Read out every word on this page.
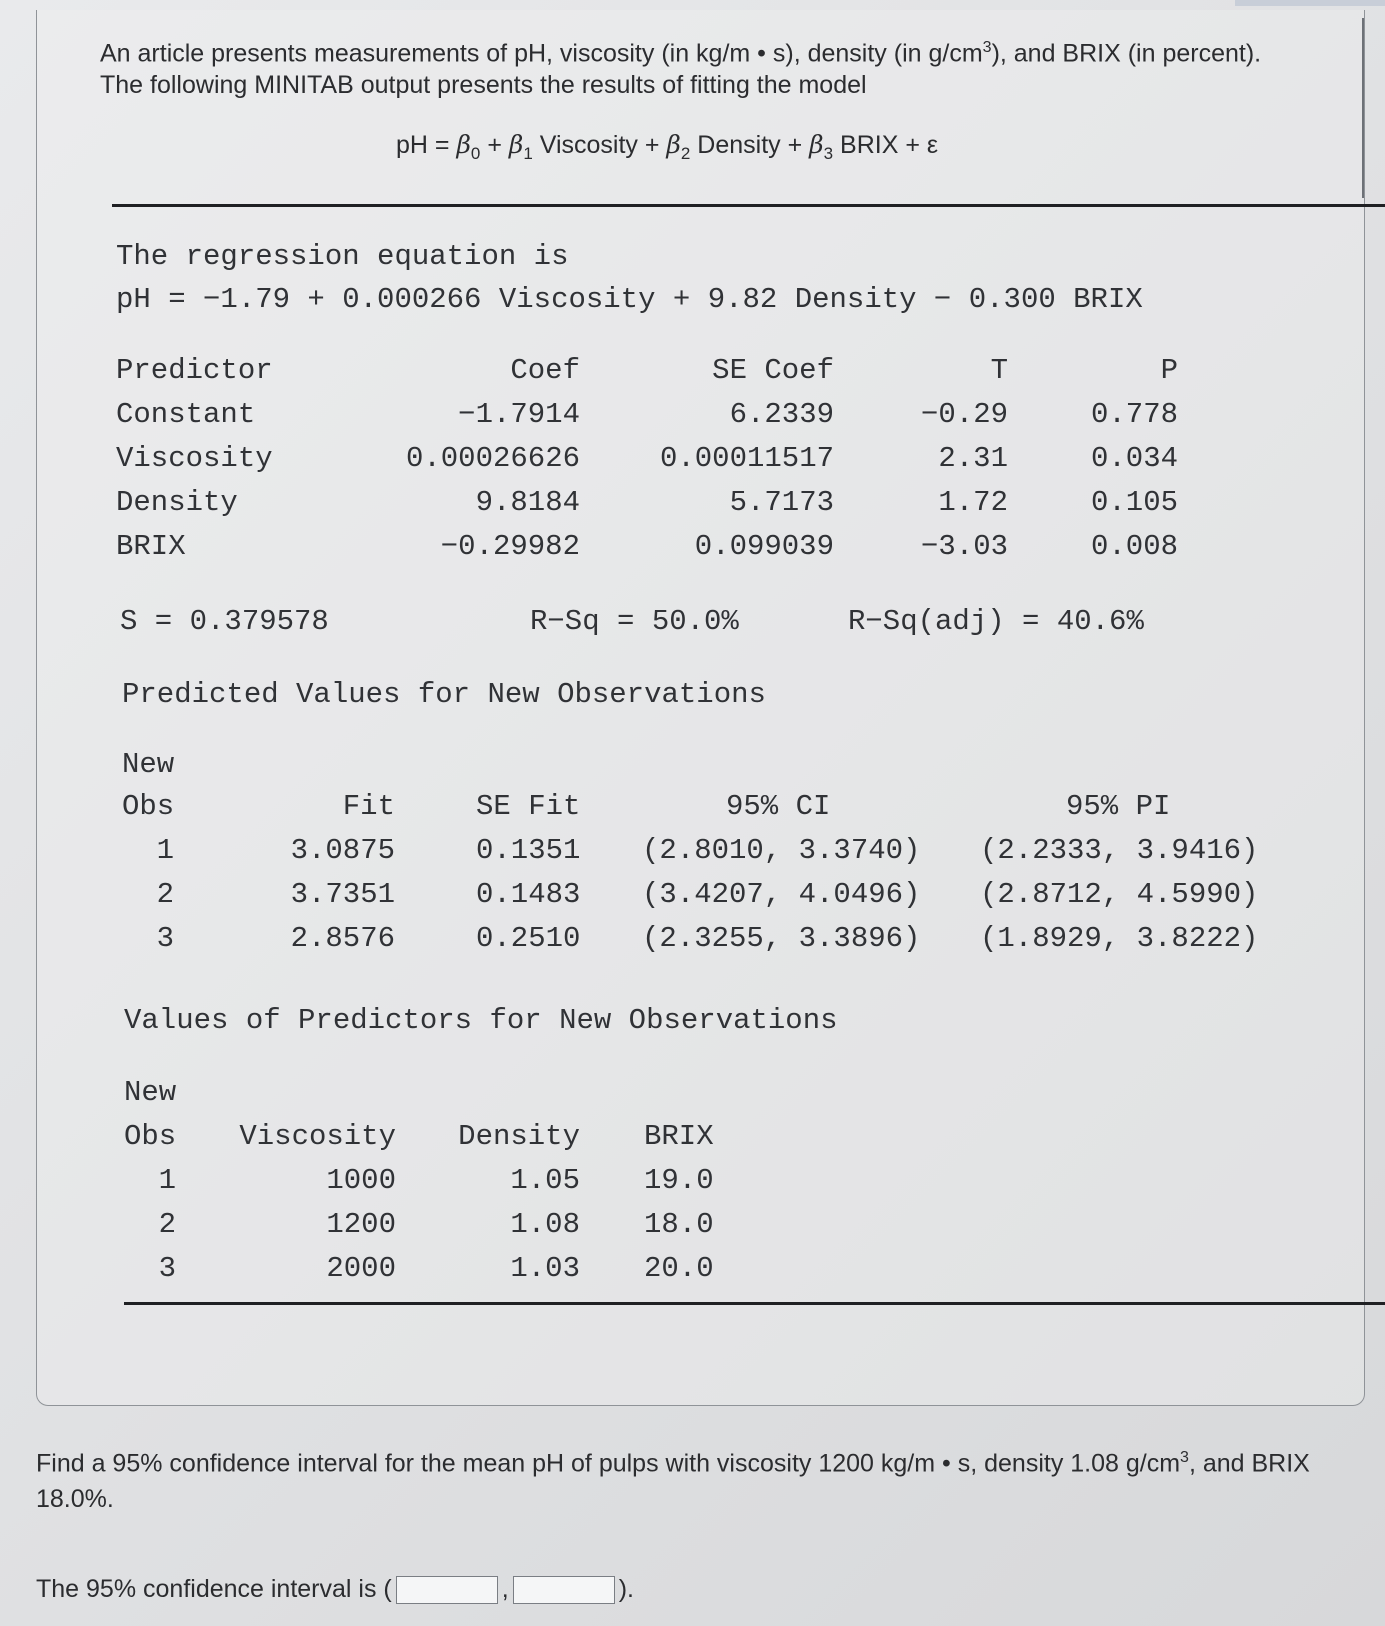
An article presents measurements of pH, viscosity (in kg/m • s), density (in $g/cm^3$), and BRIX (in percent). The following MINITAB output presents the results of fitting the model
pH = $\beta_0 + \beta_1$ Viscosity + $\beta_2$ Density + $\beta_3$ BRIX + ε
The regression equation is
pH = −1.79 + 0.000266 Viscosity + 9.82 Density − 0.300 BRIX
Predictor	Coef	SE Coef	T	P
Constant	−1.7914	6.2339	−0.29	0.778
Viscosity	0.00026626	0.00011517	2.31	0.034
Density	9.8184	5.7173	1.72	0.105
BRIX	−0.29982	0.099039	−3.03	0.008
S = 0.379578	R−Sq = 50.0%	R−Sq(adj) = 40.6%
Predicted Values for New Observations
New
Obs	Fit	SE Fit	95% CI	95% PI
1	3.0875	0.1351 (2.8010, 3.3740) (2.2333, 3.9416)
2	3.7351	0.1483 (3.4207, 4.0496) (2.8712, 4.5990)
3	2.8576	0.2510 (2.3255, 3.3896) (1.8929, 3.8222)
Values of Predictors for New Observations
New
Obs	Viscosity	Density BRIX
1	1000	1.05 19.0
2	1200	1.08 18.0
3	2000	1.03 20.0
Find a 95% confidence interval for the mean pH of pulps with viscosity 1200 kg/m • s, density 1.08 $g/cm^3$, and BRIX 18.0%.
The 95% confidence interval is (	,	).
